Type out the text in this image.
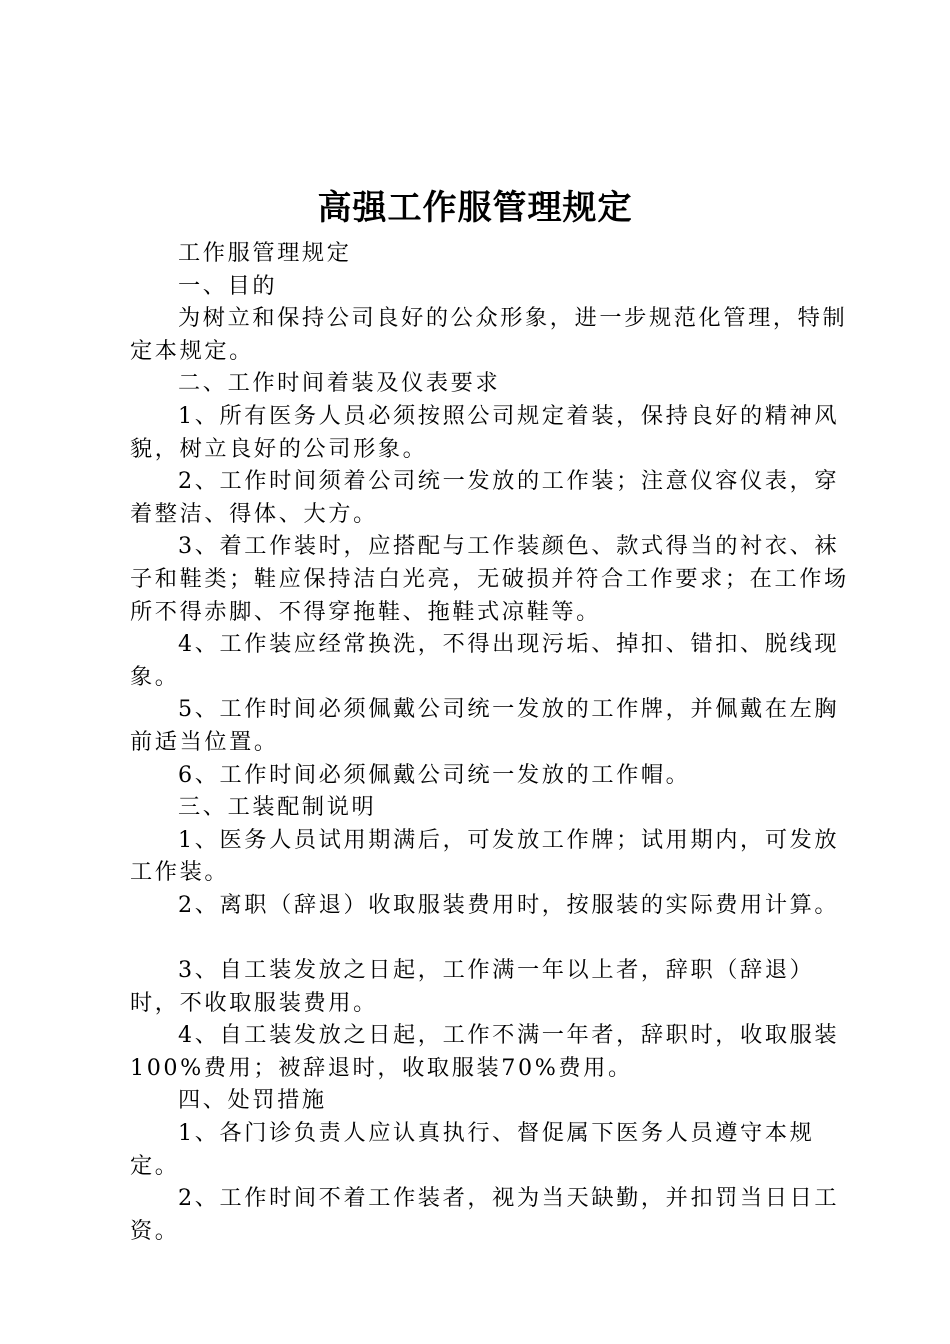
高强工作服管理规定

工作服管理规定

一、目的

为树立和保持公司良好的公众形象，进一步规范化管理，特制定本规定。

二、工作时间着装及仪表要求

1、所有医务人员必须按照公司规定着装，保持良好的精神风貌，树立良好的公司形象。

2、工作时间须着公司统一发放的工作装；注意仪容仪表，穿着整洁、得体、大方。

3、着工作装时，应搭配与工作装颜色、款式得当的衬衣、袜子和鞋类；鞋应保持洁白光亮，无破损并符合工作要求；在工作场所不得赤脚、不得穿拖鞋、拖鞋式凉鞋等。

4、工作装应经常换洗，不得出现污垢、掉扣、错扣、脱线现象。

5、工作时间必须佩戴公司统一发放的工作牌，并佩戴在左胸前适当位置。

6、工作时间必须佩戴公司统一发放的工作帽。

三、工装配制说明

1、医务人员试用期满后，可发放工作牌；试用期内，可发放工作装。

2、离职（辞退）收取服装费用时，按服装的实际费用计算。

3、自工装发放之日起，工作满一年以上者，辞职（辞退）时，不收取服装费用。

4、自工装发放之日起，工作不满一年者，辞职时，收取服装100%费用；被辞退时，收取服装70%费用。

四、处罚措施

1、各门诊负责人应认真执行、督促属下医务人员遵守本规定。

2、工作时间不着工作装者，视为当天缺勤，并扣罚当日日工资。
